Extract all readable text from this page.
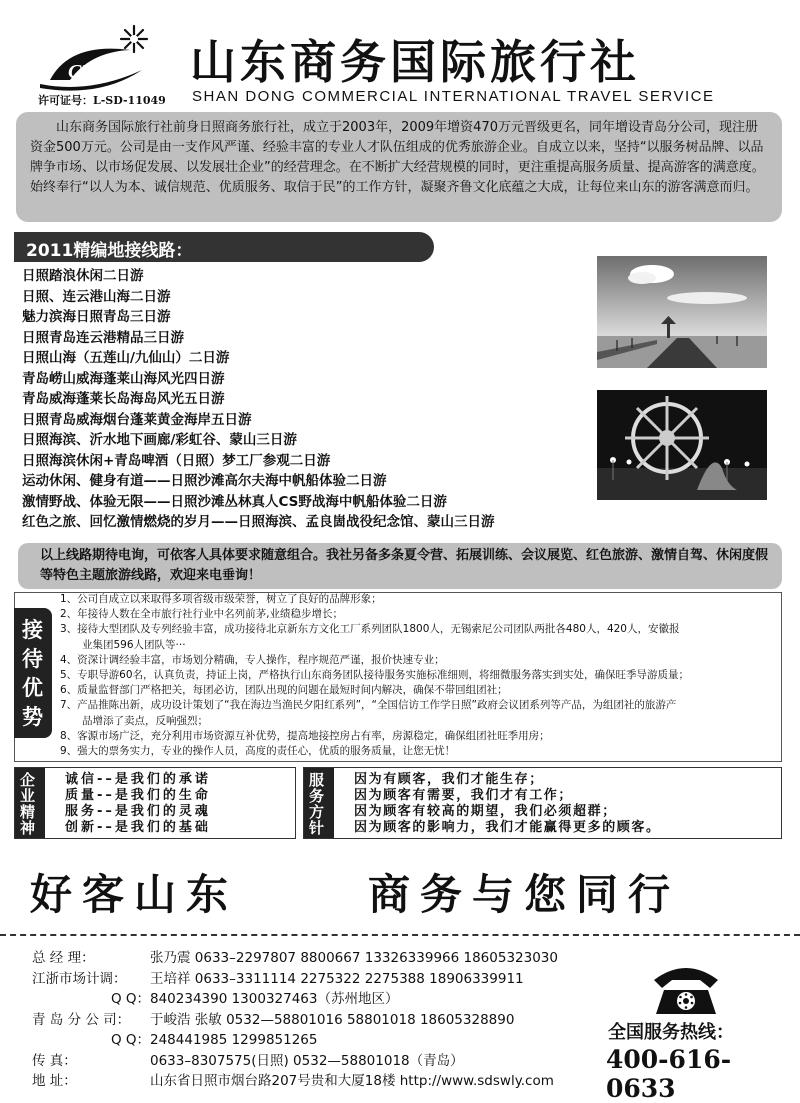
CTS
许可证号：L-SD-11049
山东商务国际旅行社
SHAN DONG COMMERCIAL INTERNATIONAL TRAVEL SERVICE
山东商务国际旅行社前身日照商务旅行社，成立于2003年，2009年增资470万元晋级更名，同年增设青岛分公司，现注册资金500万元。公司是由一支作风严谨、经验丰富的专业人才队伍组成的优秀旅游企业。自成立以来，坚持“以服务树品牌、以品牌争市场、以市场促发展、以发展壮企业”的经营理念。在不断扩大经营规模的同时，更注重提高服务质量、提高游客的满意度。始终奉行“以人为本、诚信规范、优质服务、取信于民”的工作方针，凝聚齐鲁文化底蕴之大成，让每位来山东的游客满意而归。
2011精编地接线路：
日照踏浪休闲二日游
日照、连云港山海二日游
魅力滨海日照青岛三日游
日照青岛连云港精品三日游
日照山海（五莲山/九仙山）二日游
青岛崂山威海蓬莱山海风光四日游
青岛威海蓬莱长岛海岛风光五日游
日照青岛威海烟台蓬莱黄金海岸五日游
日照海滨、沂水地下画廊/彩虹谷、蒙山三日游
日照海滨休闲+青岛啤酒（日照）梦工厂参观二日游
运动休闲、健身有道——日照沙滩高尔夫海中帆船体验二日游
激情野战、体验无限——日照沙滩丛林真人CS野战海中帆船体验二日游
红色之旅、回忆激情燃烧的岁月——日照海滨、孟良崮战役纪念馆、蒙山三日游
以上线路期待电询，可依客人具体要求随意组合。我社另备多条夏令营、拓展训练、会议展览、红色旅游、激情自驾、休闲度假等特色主题旅游线路，欢迎来电垂询！
接待优势
1、公司自成立以来取得多项省级市级荣誉，树立了良好的品牌形象；
2、年接待人数在全市旅行社行业中名列前茅,业绩稳步增长；
3、接待大型团队及专列经验丰富，成功接待北京新东方文化工厂系列团队1800人，无锡索尼公司团队两批各480人，420人，安徽报
业集团596人团队等···
4、资深计调经验丰富，市场划分精确，专人操作，程序规范严谨，报价快速专业；
5、专职导游60名，认真负责，持证上岗，严格执行山东商务团队接待服务实施标准细则，将细微服务落实到实处，确保旺季导游质量；
6、质量监督部门严格把关，每团必访，团队出现的问题在最短时间内解决，确保不带回组团社；
7、产品推陈出新，成功设计策划了“我在海边当渔民夕阳红系列”，“全国信访工作学日照”政府会议团系列等产品，为组团社的旅游产
品增添了卖点，反响强烈；
8、客源市场广泛，充分利用市场资源互补优势，提高地接控房占有率，房源稳定，确保组团社旺季用房；
9、强大的票务实力，专业的操作人员，高度的责任心，优质的服务质量，让您无忧！
企业精神
诚信-–是我们的承诺
质量-–是我们的生命
服务-–是我们的灵魂
创新-–是我们的基础
服务方针
因为有顾客，我们才能生存；
因为顾客有需要，我们才有工作；
因为顾客有较高的期望，我们必须超群；
因为顾客的影响力，我们才能赢得更多的顾客。
好客山东	商务与您同行
总 经 理：	张乃震 0633–2297807 8800667 13326339966 18605323030
江浙市场计调： 王培祥 0633–3311114 2275322 2275388 18906339911
Q Q：840234390 1300327463（苏州地区）
青 岛 分 公 司： 于峻浩 张敏 0532—58801016 58801018 18605328890
Q Q：248441985 1299851265
传 真：	0633–8307575(日照) 0532—58801018（青岛）
地 址：	山东省日照市烟台路207号贵和大厦18楼 http://www.sdswly.com
全国服务热线：
400-616-0633
